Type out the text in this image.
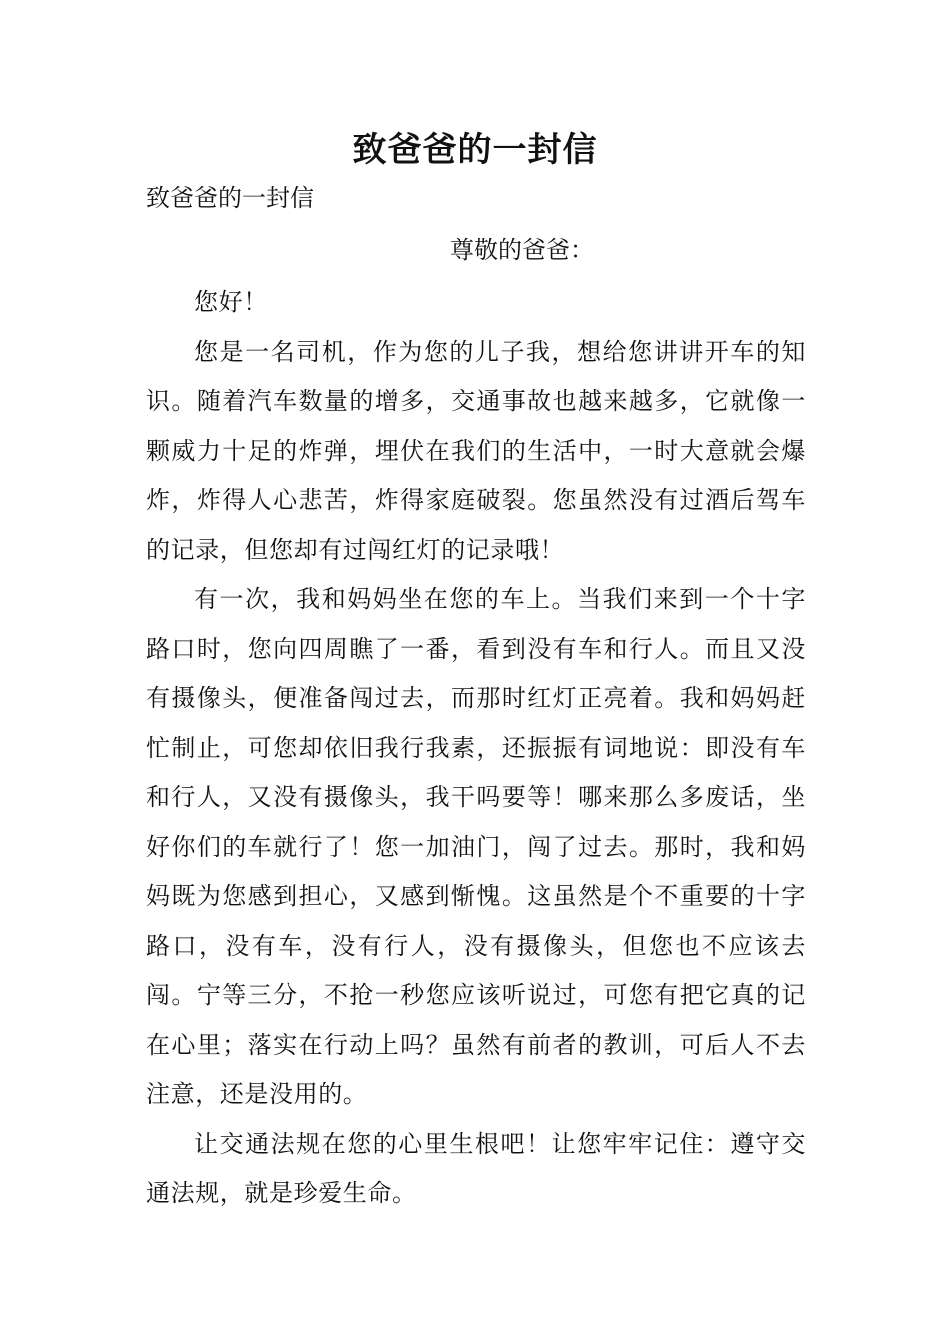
致爸爸的一封信
致爸爸的一封信
尊敬的爸爸：

您好！

您是一名司机，作为您的儿子我，想给您讲讲开车的知识。随着汽车数量的增多，交通事故也越来越多，它就像一颗威力十足的炸弹，埋伏在我们的生活中，一时大意就会爆炸，炸得人心悲苦，炸得家庭破裂。您虽然没有过酒后驾车的记录，但您却有过闯红灯的记录哦！

有一次，我和妈妈坐在您的车上。当我们来到一个十字路口时，您向四周瞧了一番，看到没有车和行人。而且又没有摄像头，便准备闯过去，而那时红灯正亮着。我和妈妈赶忙制止，可您却依旧我行我素，还振振有词地说：即没有车和行人，又没有摄像头，我干吗要等！哪来那么多废话，坐好你们的车就行了！您一加油门，闯了过去。那时，我和妈妈既为您感到担心，又感到惭愧。这虽然是个不重要的十字路口，没有车，没有行人，没有摄像头，但您也不应该去闯。宁等三分，不抢一秒您应该听说过，可您有把它真的记在心里；落实在行动上吗？虽然有前者的教训，可后人不去注意，还是没用的。

让交通法规在您的心里生根吧！让您牢牢记住：遵守交通法规，就是珍爱生命。
